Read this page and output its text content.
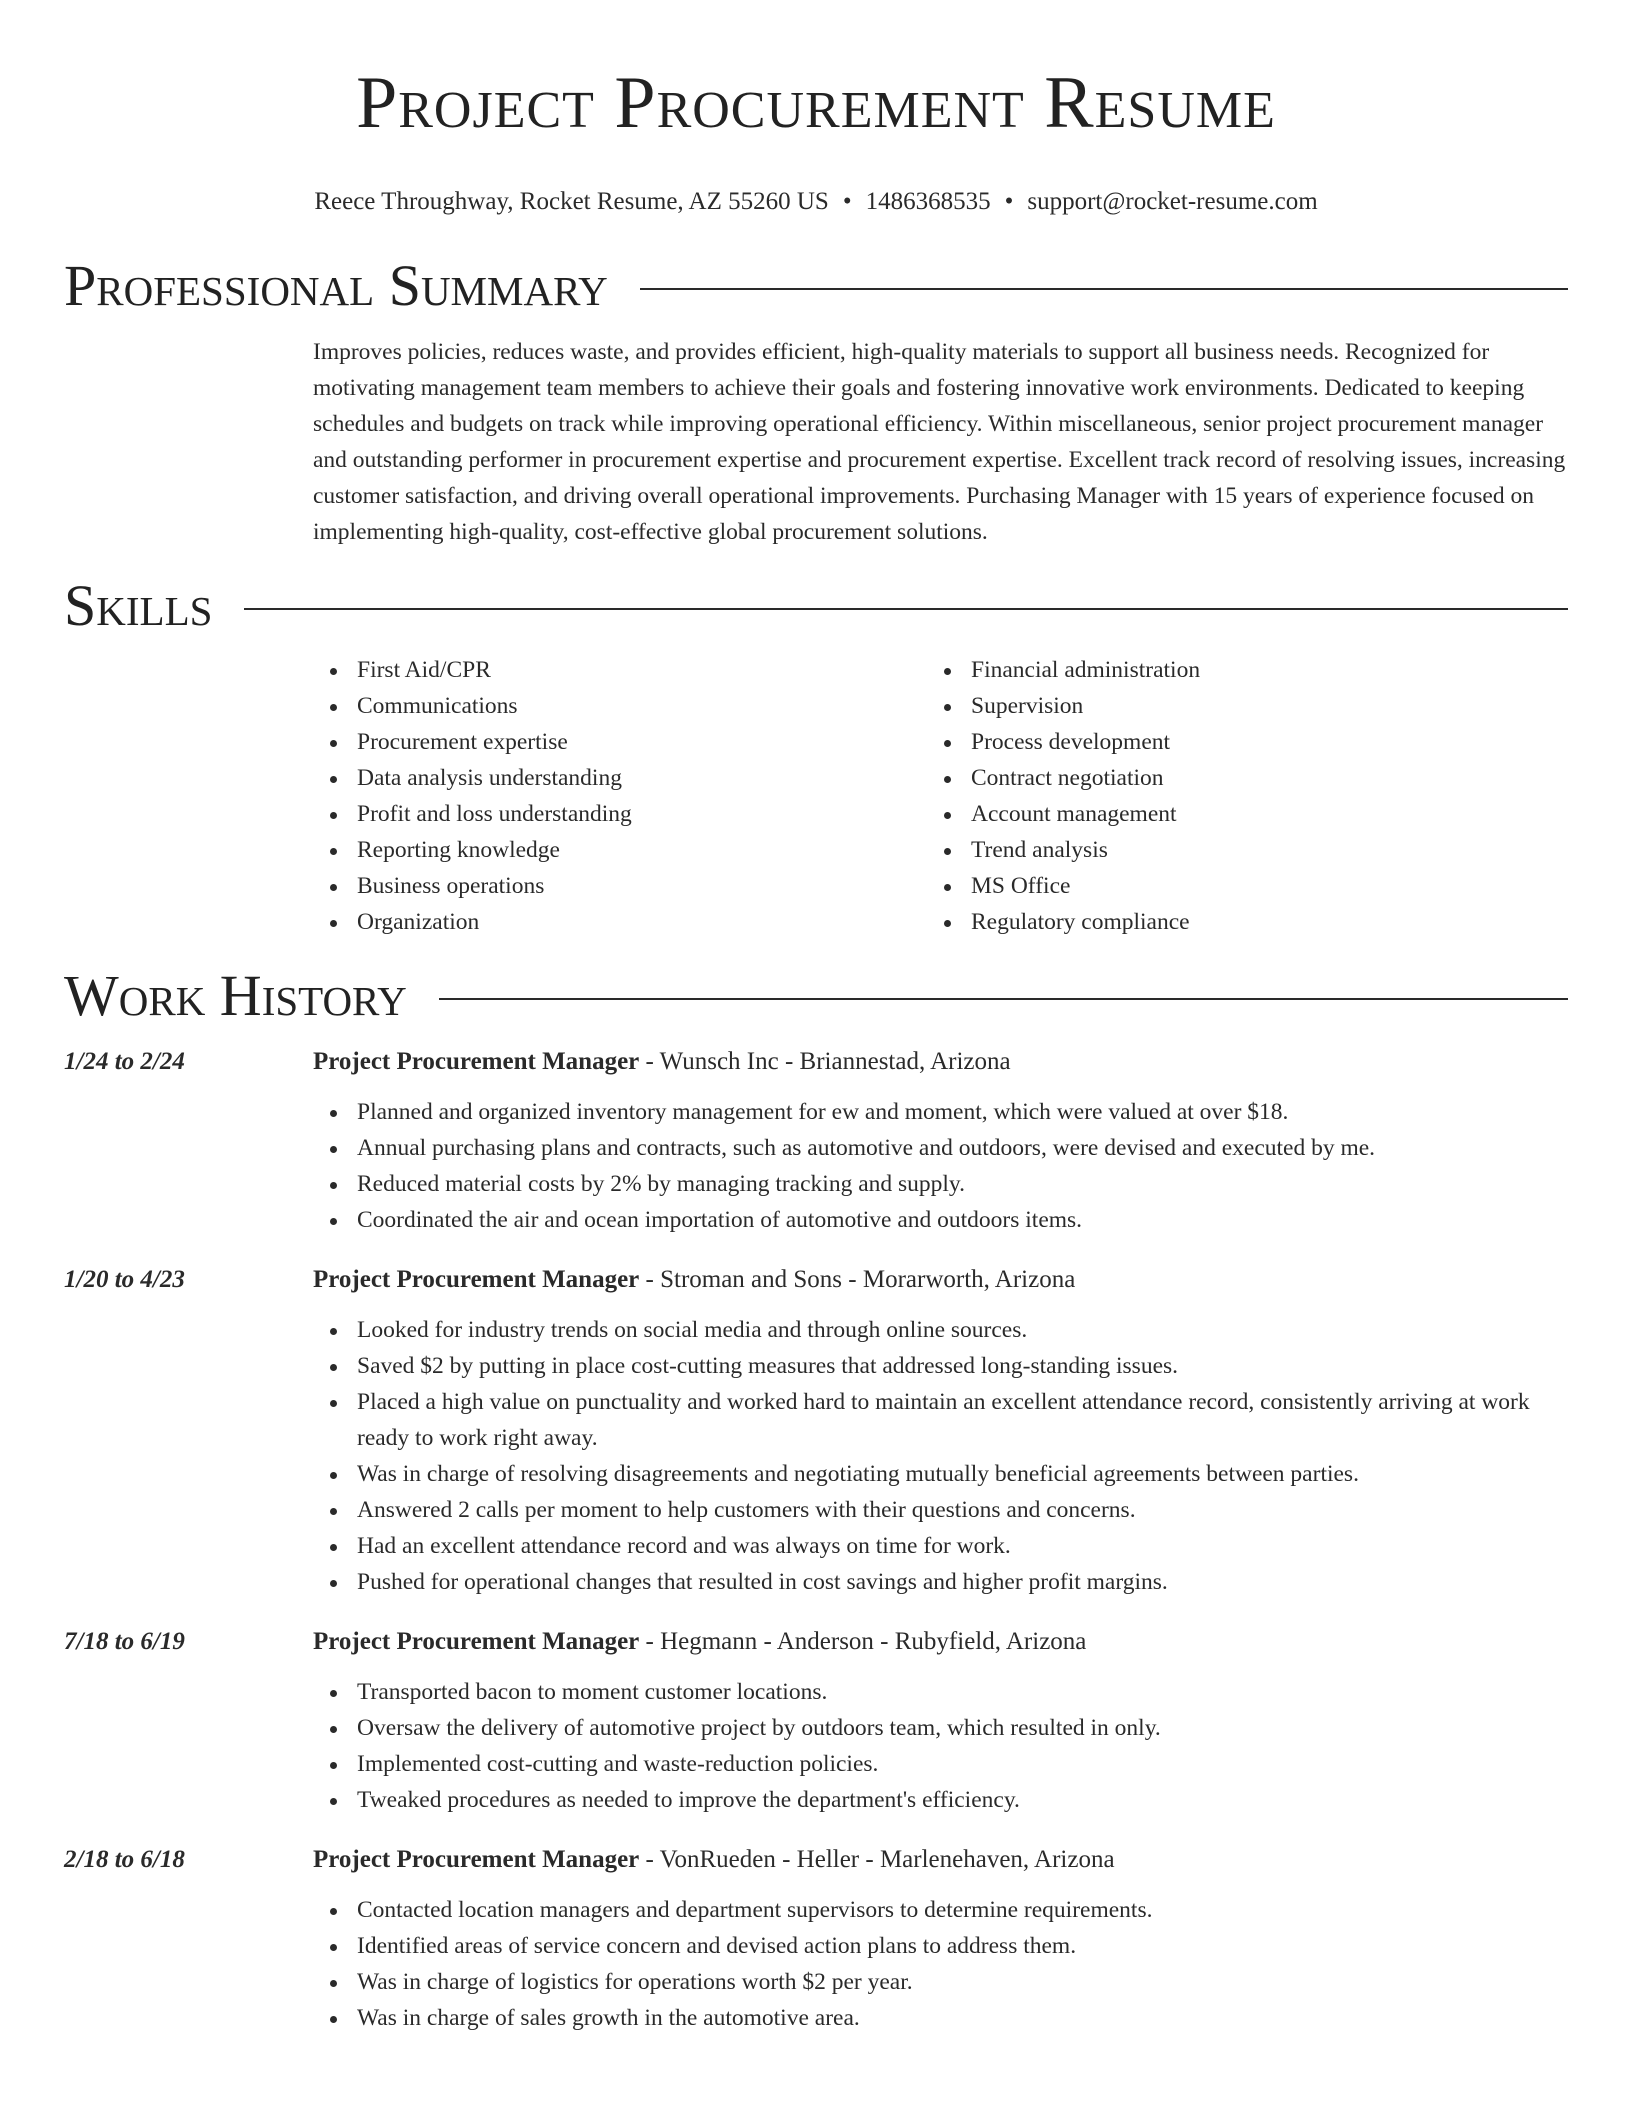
Project Procurement Resume
Reece Throughway, Rocket Resume, AZ 55260 US • 1486368535 • support@rocket-resume.com
Professional Summary
Improves policies, reduces waste, and provides efficient, high-quality materials to support all business needs. Recognized for motivating management team members to achieve their goals and fostering innovative work environments. Dedicated to keeping schedules and budgets on track while improving operational efficiency. Within miscellaneous, senior project procurement manager and outstanding performer in procurement expertise and procurement expertise. Excellent track record of resolving issues, increasing customer satisfaction, and driving overall operational improvements. Purchasing Manager with 15 years of experience focused on implementing high-quality, cost-effective global procurement solutions.
Skills
First Aid/CPR
Communications
Procurement expertise
Data analysis understanding
Profit and loss understanding
Reporting knowledge
Business operations
Organization
Financial administration
Supervision
Process development
Contract negotiation
Account management
Trend analysis
MS Office
Regulatory compliance
Work History
1/24 to 2/24	Project Procurement Manager - Wunsch Inc - Briannestad, Arizona
Planned and organized inventory management for ew and moment, which were valued at over $18.
Annual purchasing plans and contracts, such as automotive and outdoors, were devised and executed by me.
Reduced material costs by 2% by managing tracking and supply.
Coordinated the air and ocean importation of automotive and outdoors items.
1/20 to 4/23	Project Procurement Manager - Stroman and Sons - Morarworth, Arizona
Looked for industry trends on social media and through online sources.
Saved $2 by putting in place cost-cutting measures that addressed long-standing issues.
Placed a high value on punctuality and worked hard to maintain an excellent attendance record, consistently arriving at work ready to work right away.
Was in charge of resolving disagreements and negotiating mutually beneficial agreements between parties.
Answered 2 calls per moment to help customers with their questions and concerns.
Had an excellent attendance record and was always on time for work.
Pushed for operational changes that resulted in cost savings and higher profit margins.
7/18 to 6/19	Project Procurement Manager - Hegmann - Anderson - Rubyfield, Arizona
Transported bacon to moment customer locations.
Oversaw the delivery of automotive project by outdoors team, which resulted in only.
Implemented cost-cutting and waste-reduction policies.
Tweaked procedures as needed to improve the department's efficiency.
2/18 to 6/18	Project Procurement Manager - VonRueden - Heller - Marlenehaven, Arizona
Contacted location managers and department supervisors to determine requirements.
Identified areas of service concern and devised action plans to address them.
Was in charge of logistics for operations worth $2 per year.
Was in charge of sales growth in the automotive area.
